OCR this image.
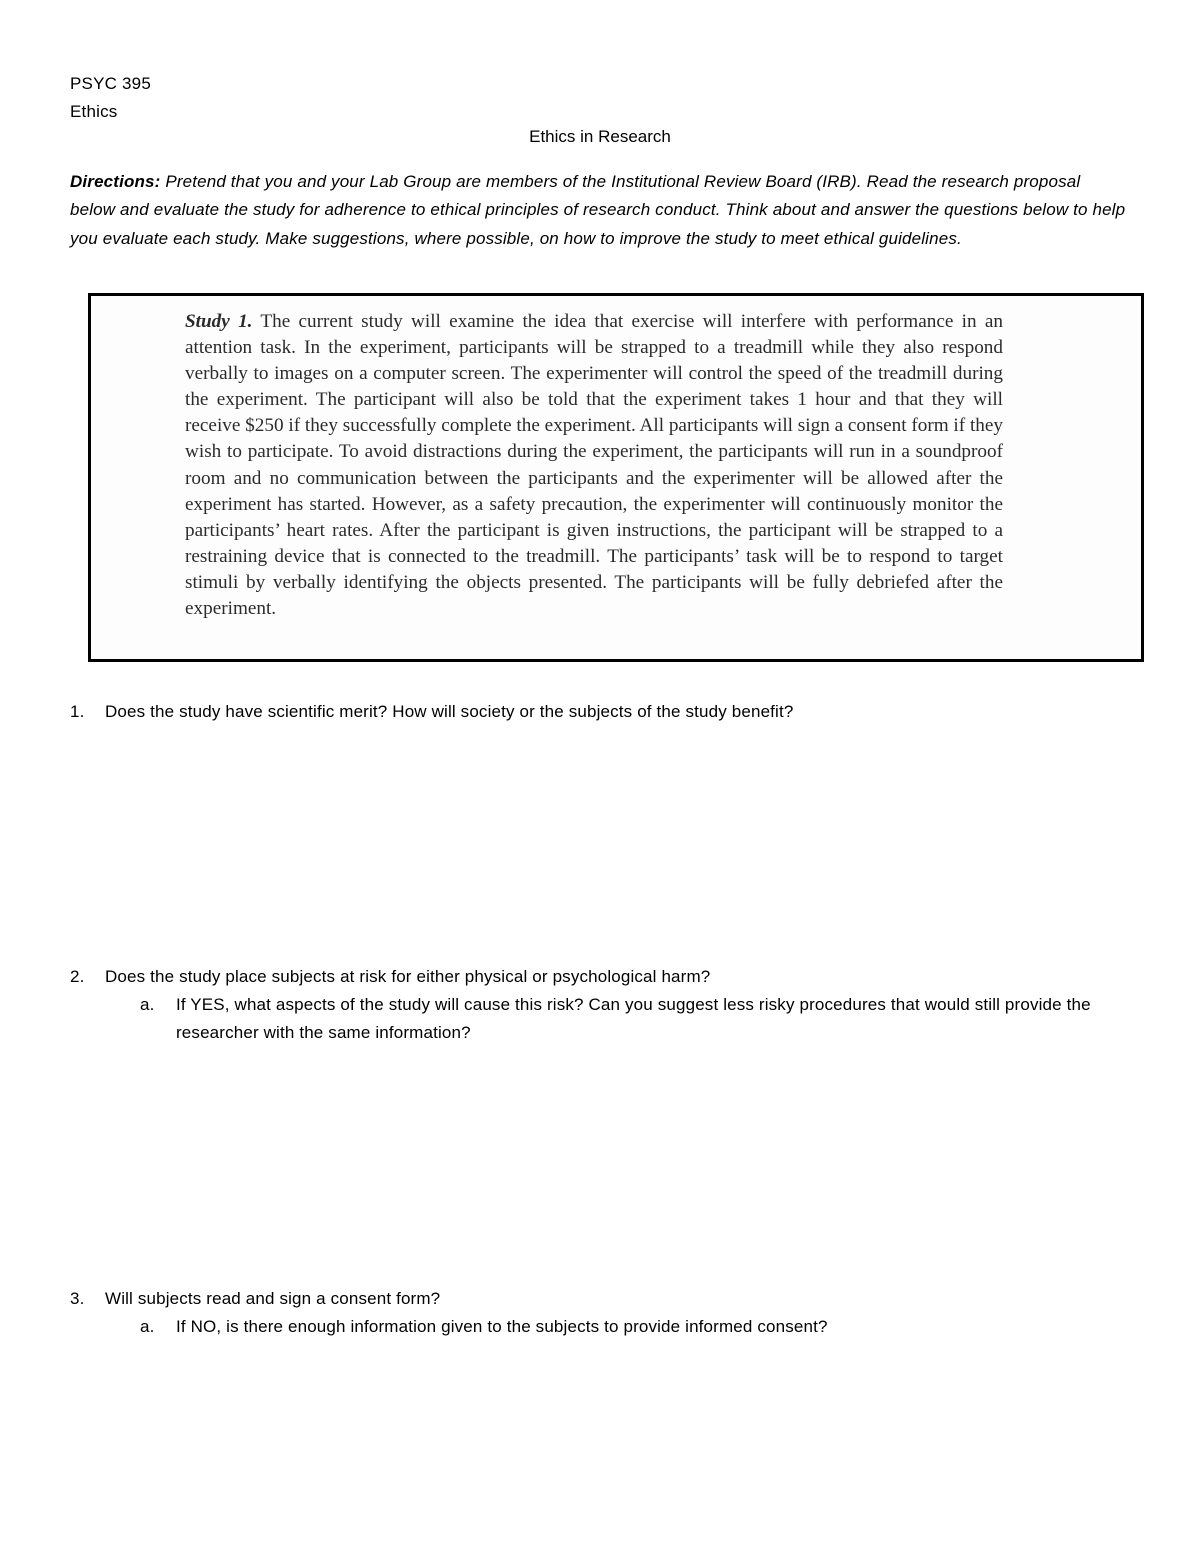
PSYC 395
Ethics
Ethics in Research
Directions: Pretend that you and your Lab Group are members of the Institutional Review Board (IRB). Read the research proposal below and evaluate the study for adherence to ethical principles of research conduct. Think about and answer the questions below to help you evaluate each study. Make suggestions, where possible, on how to improve the study to meet ethical guidelines.
Study 1. The current study will examine the idea that exercise will interfere with performance in an attention task. In the experiment, participants will be strapped to a treadmill while they also respond verbally to images on a computer screen. The experimenter will control the speed of the treadmill during the experiment. The participant will also be told that the experiment takes 1 hour and that they will receive $250 if they successfully complete the experiment. All participants will sign a consent form if they wish to participate. To avoid distractions during the experiment, the participants will run in a soundproof room and no communication between the participants and the experimenter will be allowed after the experiment has started. However, as a safety precaution, the experimenter will continuously monitor the participants’ heart rates. After the participant is given instructions, the participant will be strapped to a restraining device that is connected to the treadmill. The participants’ task will be to respond to target stimuli by verbally identifying the objects presented. The participants will be fully debriefed after the experiment.
1.	Does the study have scientific merit? How will society or the subjects of the study benefit?
2.	Does the study place subjects at risk for either physical or psychological harm?
a. If YES, what aspects of the study will cause this risk? Can you suggest less risky procedures that would still provide the researcher with the same information?
3.	Will subjects read and sign a consent form?
a. If NO, is there enough information given to the subjects to provide informed consent?
